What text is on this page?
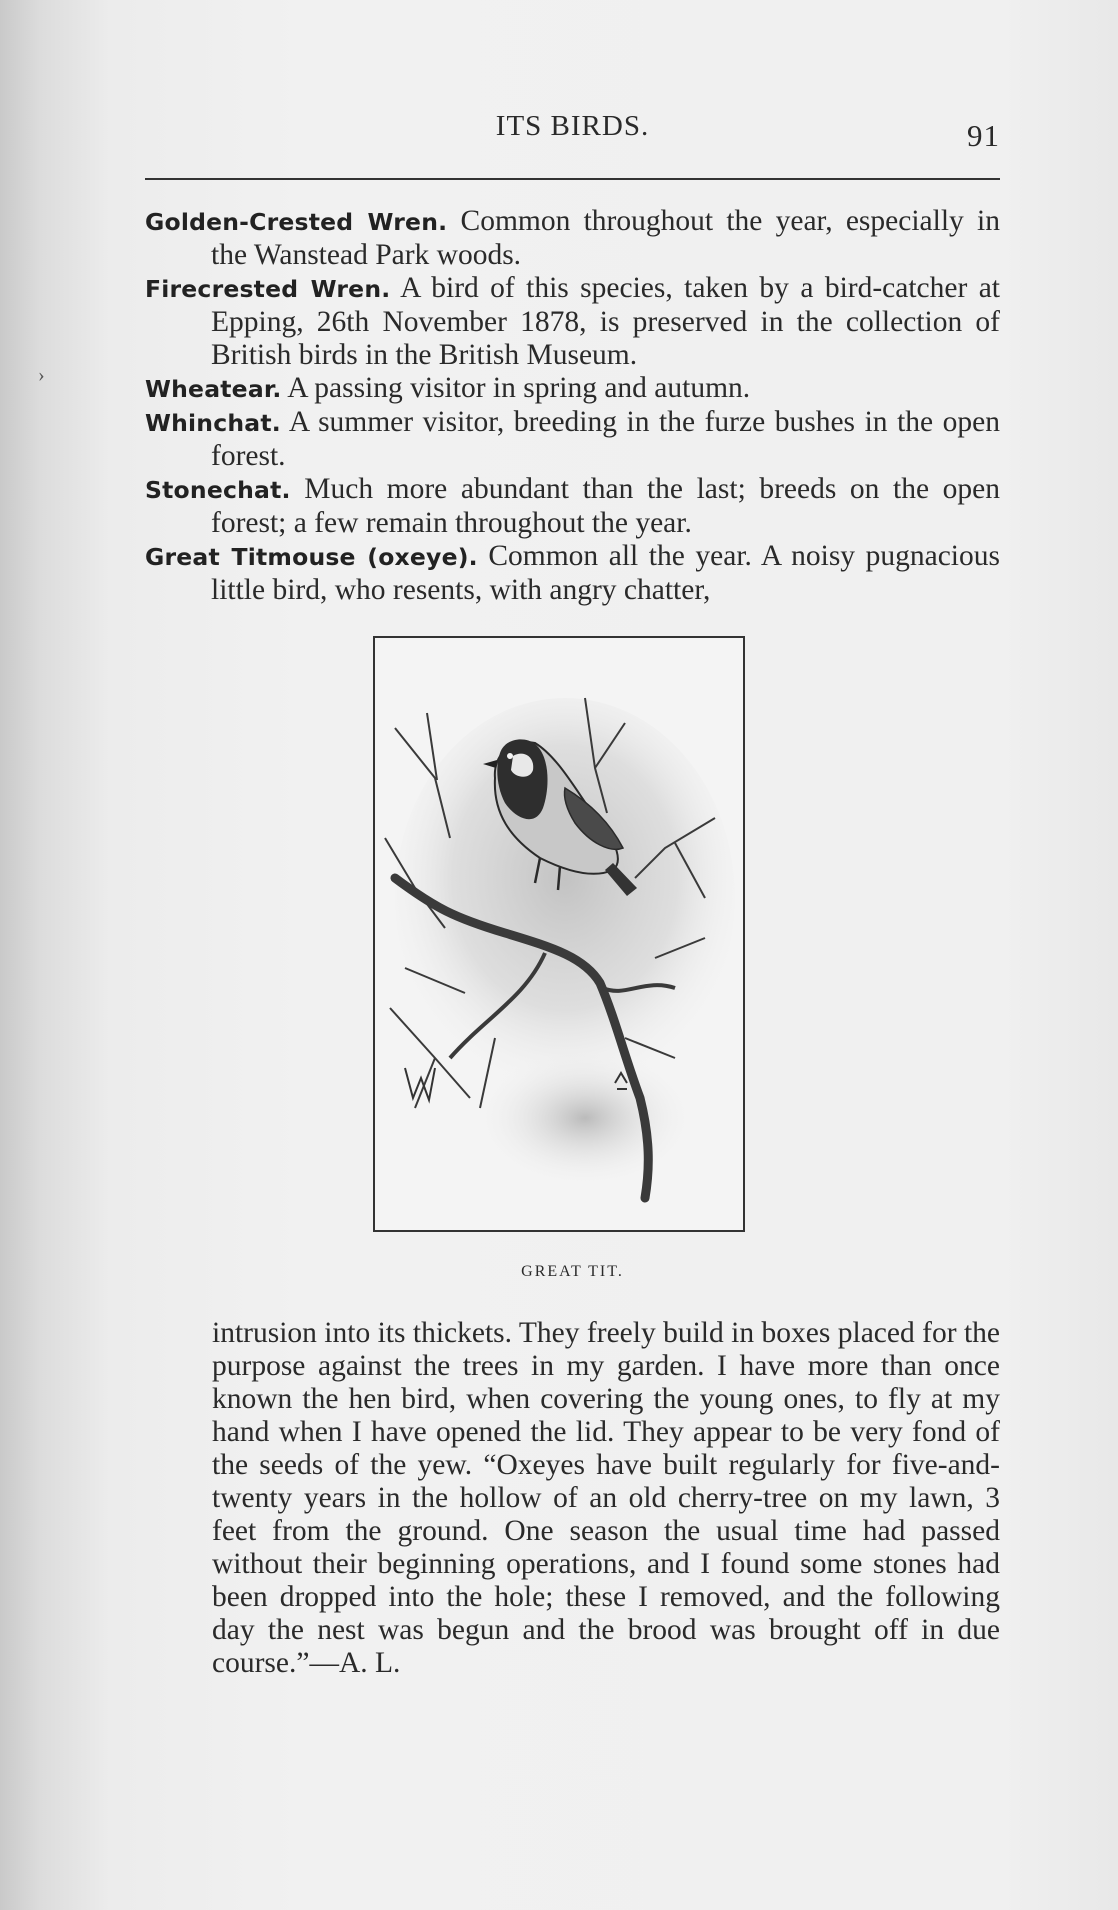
›
ITS BIRDS.	91
Golden-Crested Wren. Common throughout the year, especially in the Wanstead Park woods.
Firecrested Wren. A bird of this species, taken by a bird-catcher at Epping, 26th November 1878, is preserved in the collection of British birds in the British Museum.
Wheatear. A passing visitor in spring and autumn.
Whinchat. A summer visitor, breeding in the furze bushes in the open forest.
Stonechat. Much more abundant than the last; breeds on the open forest; a few remain throughout the year.
Great Titmouse (oxeye). Common all the year. A noisy pugnacious little bird, who resents, with angry chatter,
GREAT TIT.
intrusion into its thickets. They freely build in boxes placed for the purpose against the trees in my garden. I have more than once known the hen bird, when covering the young ones, to fly at my hand when I have opened the lid. They appear to be very fond of the seeds of the yew. “Oxeyes have built regularly for five-and-twenty years in the hollow of an old cherry-tree on my lawn, 3 feet from the ground. One season the usual time had passed without their beginning operations, and I found some stones had been dropped into the hole; these I removed, and the following day the nest was begun and the brood was brought off in due course.”—A. L.
